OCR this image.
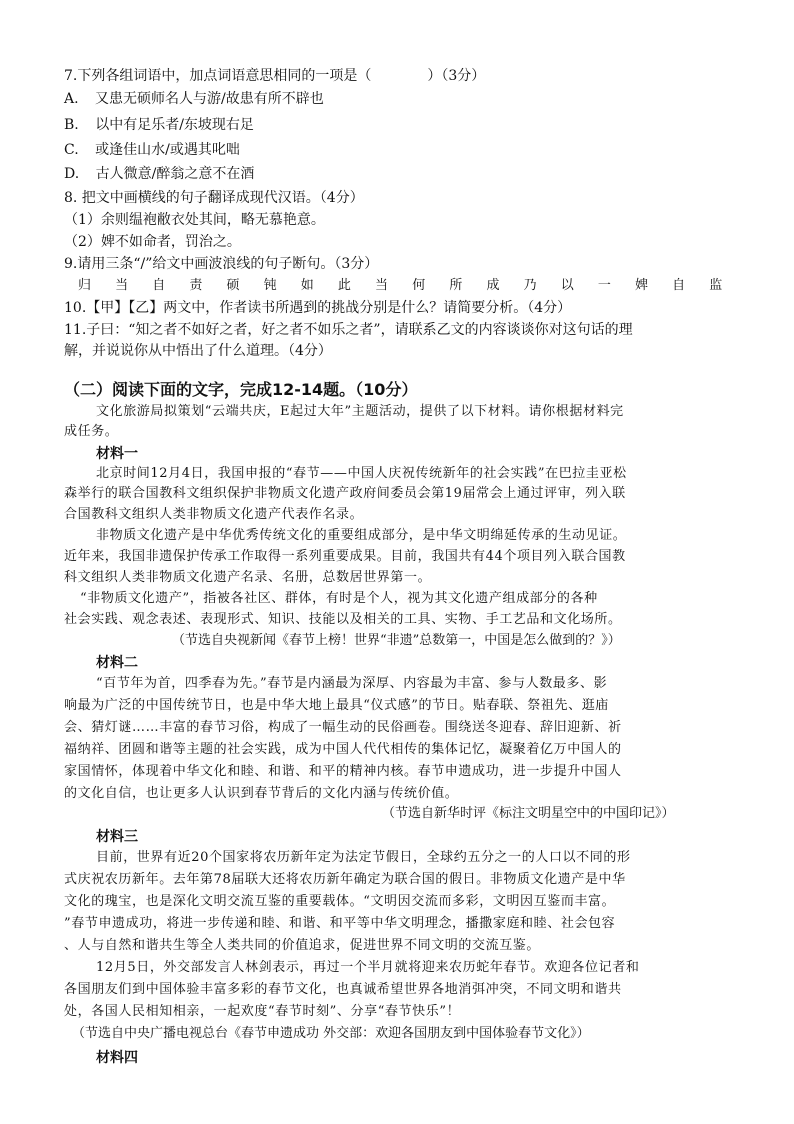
7.下列各组词语中，加点词语意思相同的一项是（	）（3分）
A. 又患无硕师名人与游/故患有所不辟也
B. 以中有足乐者/东坡现右足
C. 或逢佳山水/或遇其叱咄
D. 古人微意/醉翁之意不在酒
8. 把文中画横线的句子翻译成现代汉语。（4分）
（1）余则缊袍敝衣处其间，略无慕艳意。
（2）婢不如命者，罚治之。
9.请用三条“/”给文中画波浪线的句子断句。（3分）
归 当 自 责 硕 钝 如 此 当 何 所 成 乃 以 一 婢 自 监
10.【甲】【乙】两文中，作者读书所遇到的挑战分别是什么？请简要分析。（4分）
11.子曰：“知之者不如好之者，好之者不如乐之者”，请联系乙文的内容谈谈你对这句话的理
解，并说说你从中悟出了什么道理。（4分）
（二）阅读下面的文字，完成12-14题。（10分）
文化旅游局拟策划“云端共庆，E起过大年”主题活动，提供了以下材料。请你根据材料完
成任务。
材料一
北京时间12月4日，我国申报的“春节——中国人庆祝传统新年的社会实践”在巴拉圭亚松
森举行的联合国教科文组织保护非物质文化遗产政府间委员会第19届常会上通过评审，列入联
合国教科文组织人类非物质文化遗产代表作名录。
非物质文化遗产是中华优秀传统文化的重要组成部分，是中华文明绵延传承的生动见证。
近年来，我国非遗保护传承工作取得一系列重要成果。目前，我国共有44个项目列入联合国教
科文组织人类非物质文化遗产名录、名册，总数居世界第一。
“非物质文化遗产”，指被各社区、群体，有时是个人，视为其文化遗产组成部分的各种
社会实践、观念表述、表现形式、知识、技能以及相关的工具、实物、手工艺品和文化场所。
（节选自央视新闻《春节上榜！世界“非遗”总数第一，中国是怎么做到的？》）
材料二
“百节年为首，四季春为先。”春节是内涵最为深厚、内容最为丰富、参与人数最多、影
响最为广泛的中国传统节日，也是中华大地上最具“仪式感”的节日。贴春联、祭祖先、逛庙
会、猜灯谜……丰富的春节习俗，构成了一幅生动的民俗画卷。围绕送冬迎春、辞旧迎新、祈
福纳祥、团圆和谐等主题的社会实践，成为中国人代代相传的集体记忆，凝聚着亿万中国人的
家国情怀，体现着中华文化和睦、和谐、和平的精神内核。春节申遗成功，进一步提升中国人
的文化自信，也让更多人认识到春节背后的文化内涵与传统价值。
（节选自新华时评《标注文明星空中的中国印记》）
材料三
目前，世界有近20个国家将农历新年定为法定节假日，全球约五分之一的人口以不同的形
式庆祝农历新年。去年第78届联大还将农历新年确定为联合国的假日。非物质文化遗产是中华
文化的瑰宝，也是深化文明交流互鉴的重要载体。“文明因交流而多彩，文明因互鉴而丰富。
”春节申遗成功，将进一步传递和睦、和谐、和平等中华文明理念，播撒家庭和睦、社会包容
、人与自然和谐共生等全人类共同的价值追求，促进世界不同文明的交流互鉴。
12月5日，外交部发言人林剑表示，再过一个半月就将迎来农历蛇年春节。欢迎各位记者和
各国朋友们到中国体验丰富多彩的春节文化，也真诚希望世界各地消弭冲突，不同文明和谐共
处，各国人民相知相亲，一起欢度“春节时刻”、分享“春节快乐”！
（节选自中央广播电视总台《春节申遗成功 外交部：欢迎各国朋友到中国体验春节文化》）
材料四
